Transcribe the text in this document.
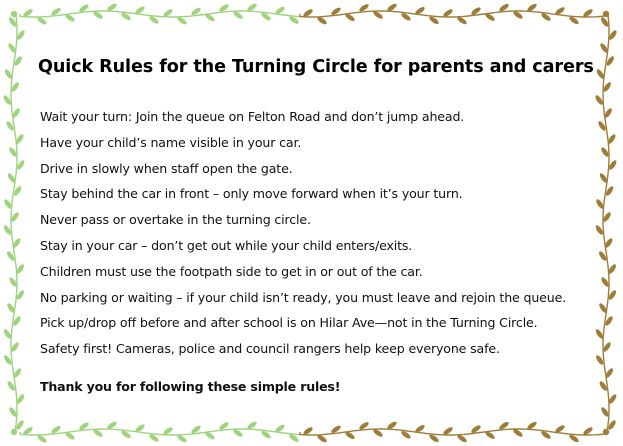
Quick Rules for the Turning Circle for parents and carers
Wait your turn: Join the queue on Felton Road and don’t jump ahead.
Have your child’s name visible in your car.
Drive in slowly when staff open the gate.
Stay behind the car in front – only move forward when it’s your turn.
Never pass or overtake in the turning circle.
Stay in your car – don’t get out while your child enters/exits.
Children must use the footpath side to get in or out of the car.
No parking or waiting – if your child isn’t ready, you must leave and rejoin the queue.
Pick up/drop off before and after school is on Hilar Ave—not in the Turning Circle.
Safety first! Cameras, police and council rangers help keep everyone safe.
Thank you for following these simple rules!
